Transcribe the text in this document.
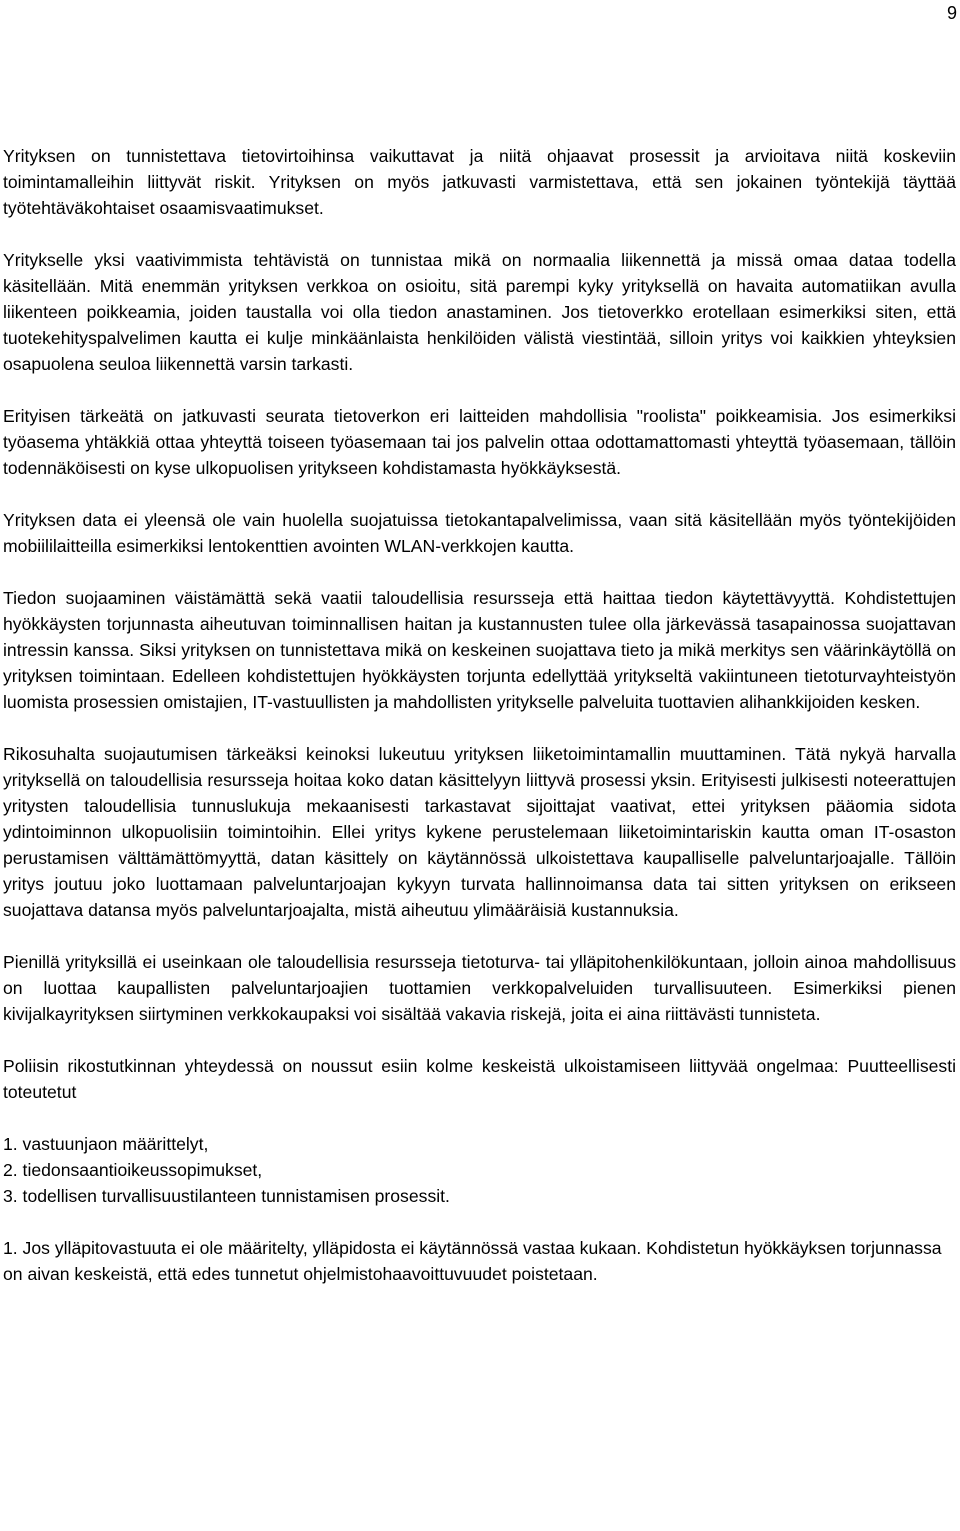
9

Yrityksen on tunnistettava tietovirtoihinsa vaikuttavat ja niitä ohjaavat prosessit ja arvioitava niitä koskeviin toimintamalleihin liittyvät riskit. Yrityksen on myös jatkuvasti varmistettava, että sen jokainen työntekijä täyttää työtehtäväkohtaiset osaamisvaatimukset.

Yritykselle yksi vaativimmista tehtävistä on tunnistaa mikä on normaalia liikennettä ja missä omaa dataa todella käsitellään. Mitä enemmän yrityksen verkkoa on osioitu, sitä parempi kyky yrityksellä on havaita automatiikan avulla liikenteen poikkeamia, joiden taustalla voi olla tiedon anastaminen. Jos tietoverkko erotellaan esimerkiksi siten, että tuotekehityspalvelimen kautta ei kulje minkäänlaista henkilöiden välistä viestintää, silloin yritys voi kaikkien yhteyksien osapuolena seuloa liikennettä varsin tarkasti.

Erityisen tärkeätä on jatkuvasti seurata tietoverkon eri laitteiden mahdollisia "roolista" poikkeamisia. Jos esimerkiksi työasema yhtäkkiä ottaa yhteyttä toiseen työasemaan tai jos palvelin ottaa odottamattomasti yhteyttä työasemaan, tällöin todennäköisesti on kyse ulkopuolisen yritykseen kohdistamasta hyökkäyksestä.

Yrityksen data ei yleensä ole vain huolella suojatuissa tietokantapalvelimissa, vaan sitä käsitellään myös työntekijöiden mobiililaitteilla esimerkiksi lentokenttien avointen WLAN-verkkojen kautta.

Tiedon suojaaminen väistämättä sekä vaatii taloudellisia resursseja että haittaa tiedon käytettävyyttä. Kohdistettujen hyökkäysten torjunnasta aiheutuvan toiminnallisen haitan ja kustannusten tulee olla järkevässä tasapainossa suojattavan intressin kanssa. Siksi yrityksen on tunnistettava mikä on keskeinen suojattava tieto ja mikä merkitys sen väärinkäytöllä on yrityksen toimintaan. Edelleen kohdistettujen hyökkäysten torjunta edellyttää yritykseltä vakiintuneen tietoturvayhteistyön luomista prosessien omistajien, IT-vastuullisten ja mahdollisten yritykselle palveluita tuottavien alihankkijoiden kesken.

Rikosuhalta suojautumisen tärkeäksi keinoksi lukeutuu yrityksen liiketoimintamallin muuttaminen. Tätä nykyä harvalla yrityksellä on taloudellisia resursseja hoitaa koko datan käsittelyyn liittyvä prosessi yksin. Erityisesti julkisesti noteerattujen yritysten taloudellisia tunnuslukuja mekaanisesti tarkastavat sijoittajat vaativat, ettei yrityksen pääomia sidota ydintoiminnon ulkopuolisiin toimintoihin. Ellei yritys kykene perustelemaan liiketoimintariskin kautta oman IT-osaston perustamisen välttämättömyyttä, datan käsittely on käytännössä ulkoistettava kaupalliselle palveluntarjoajalle. Tällöin yritys joutuu joko luottamaan palveluntarjoajan kykyyn turvata hallinnoimansa data tai sitten yrityksen on erikseen suojattava datansa myös palveluntarjoajalta, mistä aiheutuu ylimääräisiä kustannuksia.

Pienillä yrityksillä ei useinkaan ole taloudellisia resursseja tietoturva- tai ylläpitohenkilökuntaan, jolloin ainoa mahdollisuus on luottaa kaupallisten palveluntarjoajien tuottamien verkkopalveluiden turvallisuuteen. Esimerkiksi pienen kivijalkayrityksen siirtyminen verkkokaupaksi voi sisältää vakavia riskejä, joita ei aina riittävästi tunnisteta.

Poliisin rikostutkinnan yhteydessä on noussut esiin kolme keskeistä ulkoistamiseen liittyvää ongelmaa: Puutteellisesti toteutetut

1. vastuunjaon määrittelyt,
2. tiedonsaantioikeussopimukset,
3. todellisen turvallisuustilanteen tunnistamisen prosessit.

1. Jos ylläpitovastuuta ei ole määritelty, ylläpidosta ei käytännössä vastaa kukaan. Kohdistetun hyökkäyksen torjunnassa on aivan keskeistä, että edes tunnetut ohjelmistohaavoittuvuudet poistetaan.
